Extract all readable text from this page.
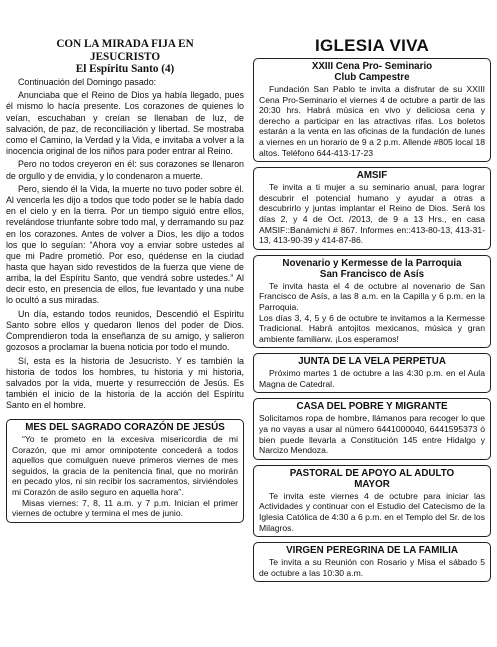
CON LA MIRADA FIJA EN
JESUCRISTO
El Espíritu Santo (4)

Continuación del Domingo pasado:

Anunciaba que el Reino de Dios ya había llegado, pues él mismo lo hacía presente. Los corazones de quienes lo veían, escuchaban y creían se llenaban de luz, de salvación, de paz, de reconciliación y libertad. Se mostraba como el Camino, la Verdad y la Vida, e invitaba a volver a la inocencia original de los niños para poder entrar al Reino.

Pero no todos creyeron en él: sus corazones se llenaron de orgullo y de envidia, y lo condenaron a muerte.

Pero, siendo él la Vida, la muerte no tuvo poder sobre él. Al vencerla les dijo a todos que todo poder se le había dado en el cielo y en la tierra. Por un tiempo siguió entre ellos, revelándose triunfante sobre todo mal, y derramando su paz en los corazones. Antes de volver a Dios, les dijo a todos los que lo seguían: “Ahora voy a enviar sobre ustedes al que mi Padre prometió. Por eso, quédense en la ciudad hasta que hayan sido revestidos de la fuerza que viene de arriba, la del Espíritu Santo, que vendrá sobre ustedes.” Al decir esto, en presencia de ellos, fue levantado y una nube lo ocultó a sus miradas.

Un día, estando todos reunidos, Descendió el Espíritu Santo sobre ellos y quedaron llenos del poder de Dios. Comprendieron toda la enseñanza de su amigo, y salieron gozosos a proclamar la buena noticia por todo el mundo.

Sí, esta es la historia de Jesucristo. Y es también la historia de todos los hombres, tu historia y mi historia, salvados por la vida, muerte y resurrección de Jesús. Es también el inicio de la historia de la acción del Espíritu Santo en el hombre.

MES DEL SAGRADO CORAZÓN DE JESÚS

“Yo te prometo en la excesiva misericordia de mi Corazón, que mi amor omnipotente concederá a todos aquellos que comulguen nueve primeros viernes de mes seguidos, la gracia de la penitencia final, que no morirán en pecado ylos, ni sin recibir los sacramentos, sirviéndoles mi Corazón de asilo seguro en aquella hora”.

Misas viernes: 7, 8, 11 a.m. y 7 p.m. Inician el primer viernes de octubre y termina el mes de junio.

IGLESIA VIVA
XXIII Cena Pro- Seminario
Club Campestre
Fundación San Pablo te invita a disfrutar de su XXIII Cena Pro-Seminario el viernes 4 de octubre a partir de las 20:30 hrs. Habrá música en vivo y deliciosa cena y derecho a participar en las atractivas rifas. Los boletos estarán a la venta en las oficinas de la fundación de lunes a viernes en un horario de 9 a 2 p.m. Allende #805 local 18 altos. Teléfono 644-413-17-23
AMSIF
Te invita a ti mujer a su seminario anual, para lograr descubrir el potencial humano y ayudar a otras a descubrirlo y juntas implantar el Reino de Dios. Será los días 2, y 4 de Oct. /2013, de 9 a 13 Hrs., en casa AMSIF::Banámichi # 867. Informes en::413-80-13, 413-31-13, 413-90-39 y 414-87-86.
Novenario y Kermesse de la Parroquia
San Francisco de Asís
Te invita hasta el 4 de octubre al novenario de San Francisco de Asís, a las 8 a.m. en la Capilla y 6 p.m. en la Parroquia.
Los días 3, 4, 5 y 6 de octubre te invitamos a la Kermesse Tradicional. Habrá antojitos mexicanos, música y gran ambiente familiarw. ¡Los esperamos!
JUNTA DE LA VELA PERPETUA
Próximo martes 1 de octubre a las 4:30 p.m. en el Aula Magna de Catedral.
CASA DEL POBRE Y MIGRANTE
Solicitamos ropa de hombre, llámanos para recoger lo que ya no vayas a usar al número 6441000040, 6441595373 ó bien puede llevarla a Constitución 145 entre Hidalgo y Narcizo Mendoza.
PASTORAL DE APOYO AL ADULTO
MAYOR
Te invita este viernes 4 de octubre para iniciar las Actividades y continuar con el Estudio del Catecismo de la Iglesia Católica de 4:30 a 6 p.m. en el Templo del Sr. de los Milagros.
VIRGEN PEREGRINA DE LA FAMILIA
Te invita a su Reunión con Rosario y Misa el sábado 5 de octubre a las 10:30 a.m.
